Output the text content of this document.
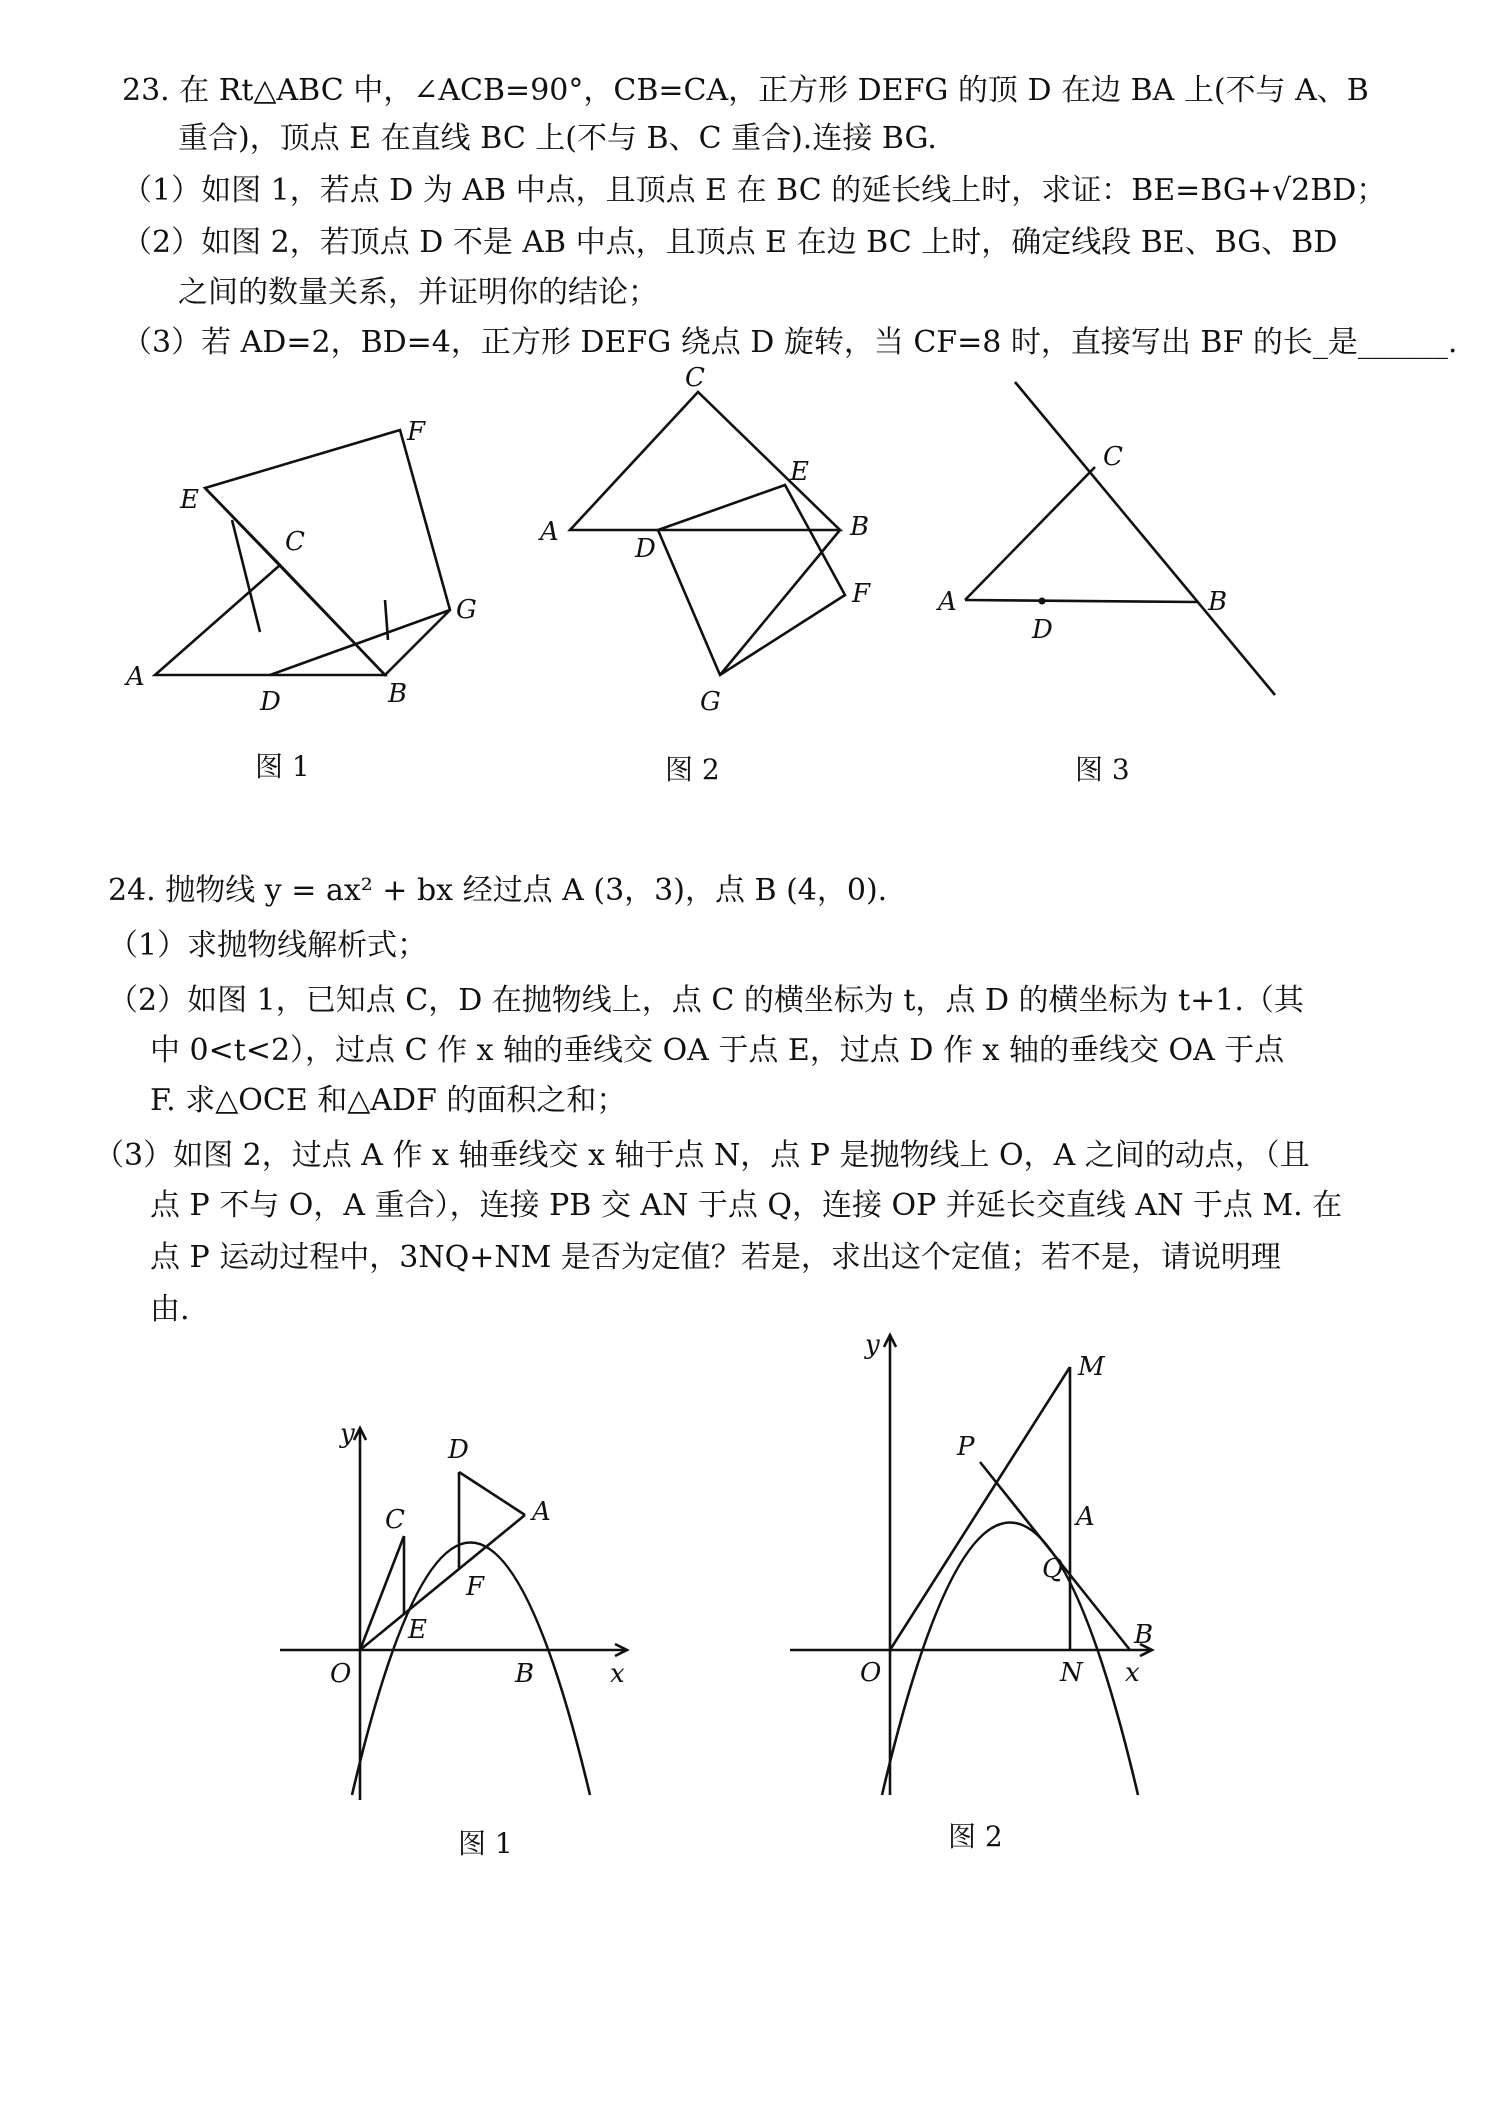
23. 在 Rt△ABC 中，∠ACB=90°，CB=CA，正方形 DEFG 的顶 D 在边 BA 上(不与 A、B
重合)，顶点 E 在直线 BC 上(不与 B、C 重合).连接 BG.
（1）如图 1，若点 D 为 AB 中点，且顶点 E 在 BC 的延长线上时，求证：BE=BG+√2BD；
（2）如图 2，若顶点 D 不是 AB 中点，且顶点 E 在边 BC 上时，确定线段 BE、BG、BD
之间的数量关系，并证明你的结论；
（3）若 AD=2，BD=4，正方形 DEFG 绕点 D 旋转，当 CF=8 时，直接写出 BF 的长_是______.
E
F
C
G
A
D	B
图 1
C
E
A
D
B
F
G
图 2
C
A
D
B
图 3
24. 抛物线 y = ax² + bx 经过点 A (3，3)，点 B (4，0).
（1）求抛物线解析式；
（2）如图 1，已知点 C，D 在抛物线上，点 C 的横坐标为 t，点 D 的横坐标为 t+1.（其
中 0<t<2），过点 C 作 x 轴的垂线交 OA 于点 E，过点 D 作 x 轴的垂线交 OA 于点
F. 求△OCE 和△ADF 的面积之和；
（3）如图 2，过点 A 作 x 轴垂线交 x 轴于点 N，点 P 是抛物线上 O，A 之间的动点，（且
点 P 不与 O，A 重合），连接 PB 交 AN 于点 Q，连接 OP 并延长交直线 AN 于点 M. 在
点 P 运动过程中，3NQ+NM 是否为定值？若是，求出这个定值；若不是，请说明理
由.
y
D
C	A
F
E
O	B	x
图 1
y
M
P
A
Q
B
O	N x
图 2
